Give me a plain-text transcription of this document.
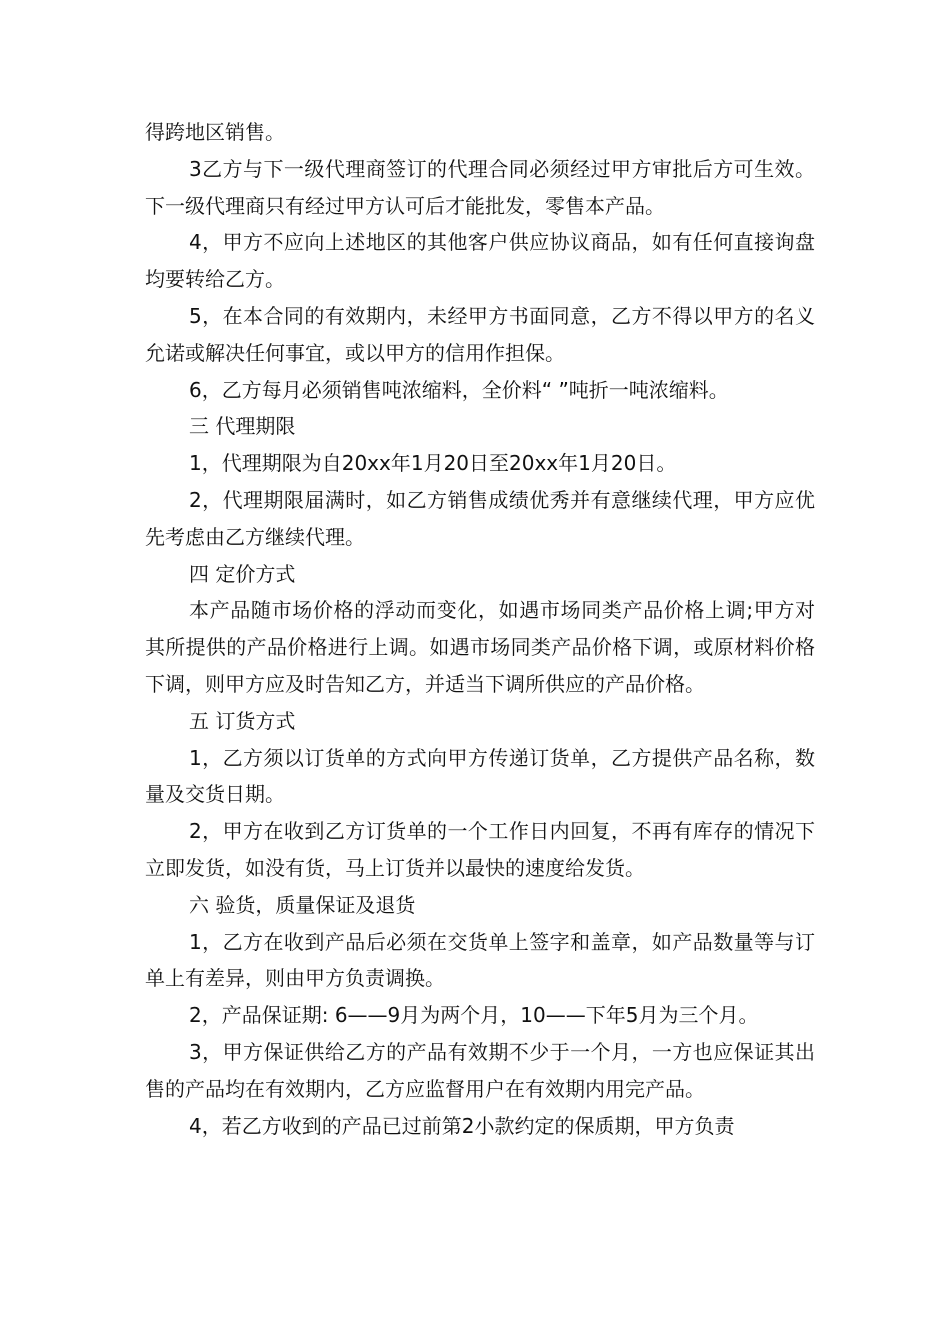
得跨地区销售。

3乙方与下一级代理商签订的代理合同必须经过甲方审批后方可生效。下一级代理商只有经过甲方认可后才能批发，零售本产品。

4，甲方不应向上述地区的其他客户供应协议商品，如有任何直接询盘均要转给乙方。

5，在本合同的有效期内，未经甲方书面同意，乙方不得以甲方的名义允诺或解决任何事宜，或以甲方的信用作担保。

6，乙方每月必须销售吨浓缩料，全价料“ ”吨折一吨浓缩料。

三 代理期限

1，代理期限为自20xx年1月20日至20xx年1月20日。

2，代理期限届满时，如乙方销售成绩优秀并有意继续代理，甲方应优先考虑由乙方继续代理。

四 定价方式

本产品随市场价格的浮动而变化，如遇市场同类产品价格上调;甲方对其所提供的产品价格进行上调。如遇市场同类产品价格下调，或原材料价格下调，则甲方应及时告知乙方，并适当下调所供应的产品价格。

五 订货方式

1，乙方须以订货单的方式向甲方传递订货单，乙方提供产品名称，数量及交货日期。

2，甲方在收到乙方订货单的一个工作日内回复，不再有库存的情况下立即发货，如没有货，马上订货并以最快的速度给发货。

六 验货，质量保证及退货

1，乙方在收到产品后必须在交货单上签字和盖章，如产品数量等与订单上有差异，则由甲方负责调换。

2，产品保证期: 6——9月为两个月，10——下年5月为三个月。

3，甲方保证供给乙方的产品有效期不少于一个月，一方也应保证其出售的产品均在有效期内，乙方应监督用户在有效期内用完产品。

4，若乙方收到的产品已过前第2小款约定的保质期，甲方负责
